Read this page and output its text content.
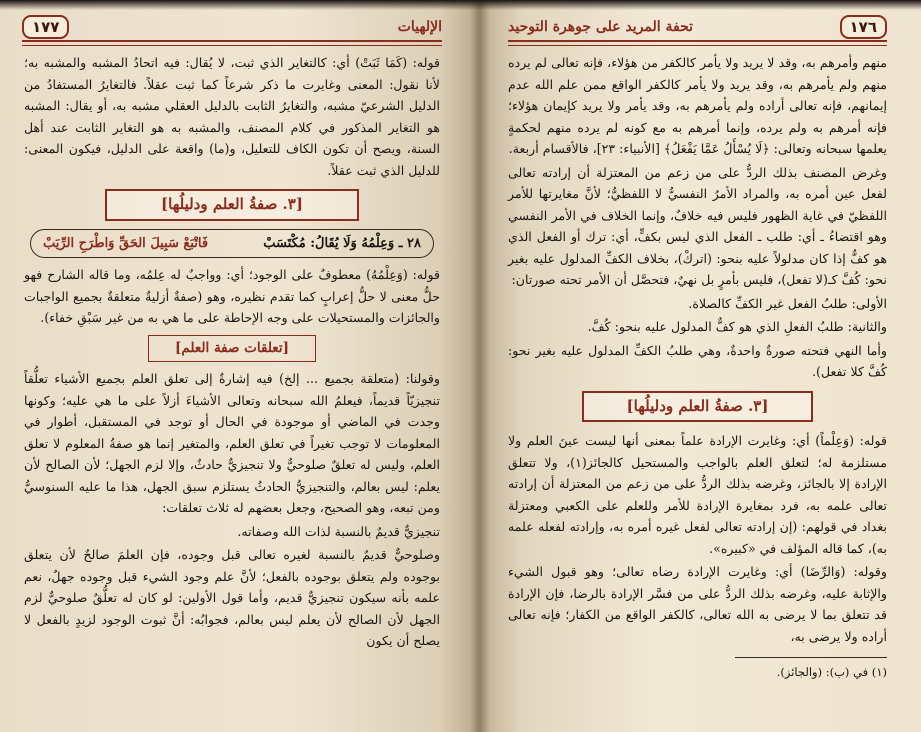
الإلهيات
١٧٧

قوله: (كَمَا ثَبَتْ) أي: كالتغاير الذي ثبت، لا يُقال: فيه اتحادُ المشبه والمشبه به؛ لأنا نقول: المعنى وغايرت ما ذكر شرعاً كما ثبت عقلاً. فالتغايرُ المستفادُ من الدليل الشرعيّ مشبه، والتغايرُ الثابت بالدليل العقلي مشبه به، أو يقال: المشبه هو التغاير المذكور في كلام المصنف، والمشبه به هو التغاير الثابت عند أهل السنة، ويصح أن تكون الكاف للتعليل، و(ما) واقعة على الدليل، فيكون المعنى: للدليل الذي ثبت عقلاً.

[٣. صفةُ العلم ودليلُها]
٢٨ ـ وَعِلْمُهُ وَلَا يُقَالُ: مُكْتَسَبْ
فَاتْبَعْ سَبِيلَ الحَقِّ وَاطْرَحِ الرِّيَبْ

قوله: (وَعِلْمُهُ) معطوفٌ على الوجود؛ أي: وواجبٌ له عِلمُه، وما قاله الشارح فهو حلُّ معنى لا حلُّ إعرابٍ كما تقدم نظيره، وهو (صفةٌ أزليةٌ متعلقةٌ بجميع الواجبات والجائزات والمستحيلات على وجه الإحاطة على ما هي به من غير سَبْقِ خفاء).

[تعلقات صفة العلم]

وقولنا: (متعلقة بجميع ... إلخ) فيه إشارةٌ إلى تعلق العلم بجميع الأشياء تعلُّقاً تنجيزيّاً قديماً، فيعلمُ الله سبحانه وتعالى الأشياءَ أزلاً على ما هي عليه؛ وكونها وجدت في الماضي أو موجودة في الحال أو توجد في المستقبل، أطوار في المعلومات لا توجب تغيراً في تعلق العلم، والمتغير إنما هو صفةُ المعلوم لا تعلق العلم، وليس له تعلقٌ صلوحيٌّ ولا تنجيزيٌّ حادثٌ، وإلا لزم الجهل؛ لأن الصالح لأن يعلم: ليس بعالم، والتنجيزيُّ الحادثُ يستلزم سبق الجهل، هذا ما عليه السنوسيُّ ومن تبعه، وهو الصحيح، وجعل بعضهم له ثلاث تعلقات:

تنجيزيٌّ قديمٌ بالنسبة لذات الله وصفاته.

وصلوحيٌّ قديمٌ بالنسبة لغيره تعالى قبل وجوده، فإن العلمَ صالحٌ لأن يتعلق بوجوده ولم يتعلق بوجوده بالفعل؛ لأنَّ علم وجود الشيء قبل وجوده جهلٌ، نعم علمه بأنه سيكون تنجيزيٌّ قديم، وأما قول الأولين: لو كان له تعلُّقٌ صلوحيٌّ لزم الجهل لأن الصالح لأن يعلم ليس بعالم، فجوابُه: أنَّ ثبوت الوجود لزيدٍ بالفعل لا يصلح أن يكون

١٧٦
تحفة المريد على جوهرة التوحيد

منهم وأمرهم به، وقد لا يريد ولا يأمر كالكفر من هؤلاء، فإنه تعالى لم يرده منهم ولم يأمرهم به، وقد يريد ولا يأمر كالكفر الواقع ممن علم الله عدم إيمانهم، فإنه تعالى أراده ولم يأمرهم به، وقد يأمر ولا يريد كإيمان هؤلاء؛ فإنه أمرهم به ولم يرده، وإنما أمرهم به مع كونه لم يرده منهم لحكمةٍ يعلمها سبحانه وتعالى: ﴿لَا يُسْأَلُ عَمَّا يَفْعَلُ﴾ [الأنبياء: ٢٣]، فالأقسام أربعة.

وغرض المصنف بذلك الردُّ على من زعم من المعتزلة أن إرادته تعالى لفعل عين أمره به، والمراد الأمرُ النفسيُّ لا اللفظيُّ؛ لأنَّ مغايرتها للأمر اللفظيّ في غاية الظهور فليس فيه خلافٌ، وإنما الخلاف في الأمر النفسي وهو اقتضاءُ ـ أي: طلب ـ الفعل الذي ليس بكفٍّ، أي: ترك أو الفعل الذي هو كفٌّ إذا كان مدلولاً عليه بنحو: (اتركْ)، بخلاف الكفِّ المدلول عليه بغير نحو: كُفَّ كـ(لا تفعل)، فليس بأمرٍ بل نهيٌ، فتحصَّل أن الأمر تحته صورتان:

الأولى: طلبُ الفعل غير الكفِّ كالصلاة.

والثانية: طلبُ الفعلِ الذي هو كفٌّ المدلول عليه بنحو: كُفَّ.

وأما النهي فتحته صورةٌ واحدةٌ، وهي طلبُ الكفِّ المدلول عليه بغير نحو: كُفَّ كلا تفعل).

[٣. صفةُ العلم ودليلُها]

قوله: (وَعِلْماً) أي: وغايرت الإرادة علماً بمعنى أنها ليست عينَ العلم ولا مستلزمة له؛ لتعلق العلم بالواجب والمستحيل كالجائز(١)، ولا تتعلق الإرادة إلا بالجائز، وغرضه بذلك الردُّ على من زعم من المعتزلة أن إرادته تعالى علمه به، فرد بمغايرة الإرادة للأمر وللعلم على الكعبي ومعتزلة بغداد في قولهم: (إن إرادته تعالى لفعل غيره أمره به، وإرادته لفعله علمه به)، كما قاله المؤلف في «كبيره».

وقوله: (وَالرِّضَا) أي: وغايرت الإرادة رضاه تعالى؛ وهو قبول الشيء والإثابة عليه، وغرضه بذلك الردُّ على من فسَّر الإرادة بالرضا، فإن الإرادة قد تتعلق بما لا يرضى به الله تعالى، كالكفر الواقع من الكفار؛ فإنه تعالى أراده ولا يرضى به،

(١) في (ب): (والجائز).
